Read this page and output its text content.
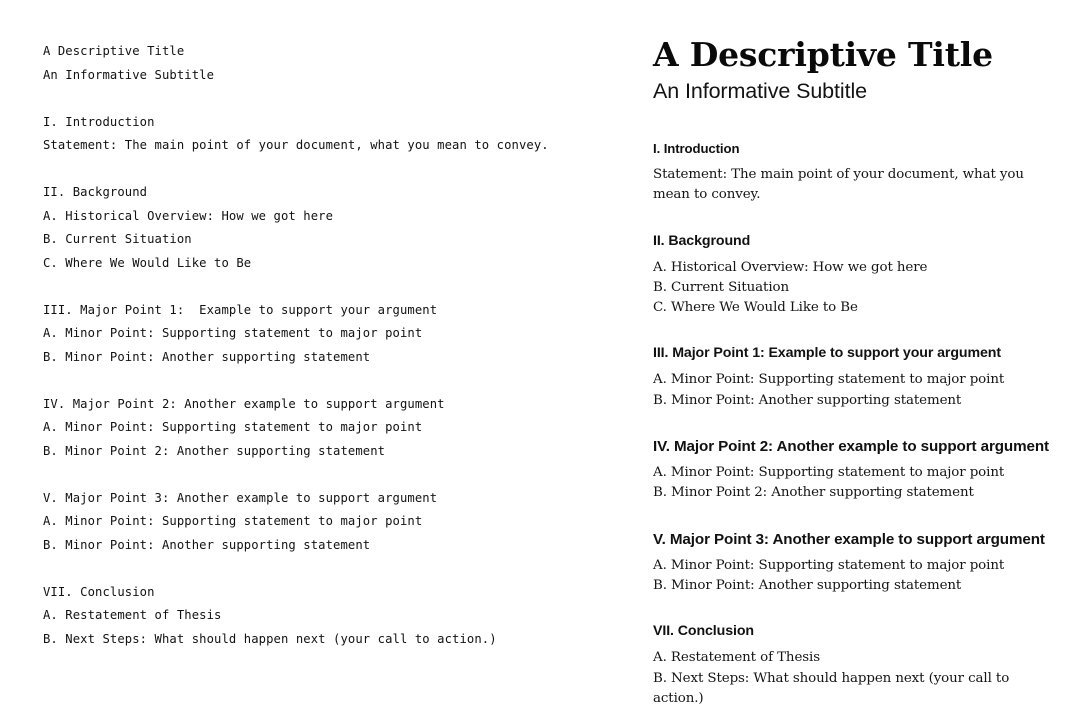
A Descriptive Title
An Informative Subtitle
I. Introduction
Statement: The main point of your document, what you mean to convey.
II. Background
A. Historical Overview: How we got here
B. Current Situation
C. Where We Would Like to Be
III. Major Point 1:  Example to support your argument
A. Minor Point: Supporting statement to major point
B. Minor Point: Another supporting statement
IV. Major Point 2: Another example to support argument
A. Minor Point: Supporting statement to major point
B. Minor Point 2: Another supporting statement
V. Major Point 3: Another example to support argument
A. Minor Point: Supporting statement to major point
B. Minor Point: Another supporting statement
VII. Conclusion
A. Restatement of Thesis
B. Next Steps: What should happen next (your call to action.)
A Descriptive Title
An Informative Subtitle
I. Introduction

Statement: The main point of your document, what you mean to convey.

II. Background

A. Historical Overview: How we got here

B. Current Situation

C. Where We Would Like to Be

III. Major Point 1: Example to support your argument

A. Minor Point: Supporting statement to major point

B. Minor Point: Another supporting statement

IV. Major Point 2: Another example to support argument

A. Minor Point: Supporting statement to major point

B. Minor Point 2: Another supporting statement

V. Major Point 3: Another example to support argument

A. Minor Point: Supporting statement to major point

B. Minor Point: Another supporting statement

VII. Conclusion

A. Restatement of Thesis

B. Next Steps: What should happen next (your call to action.)
